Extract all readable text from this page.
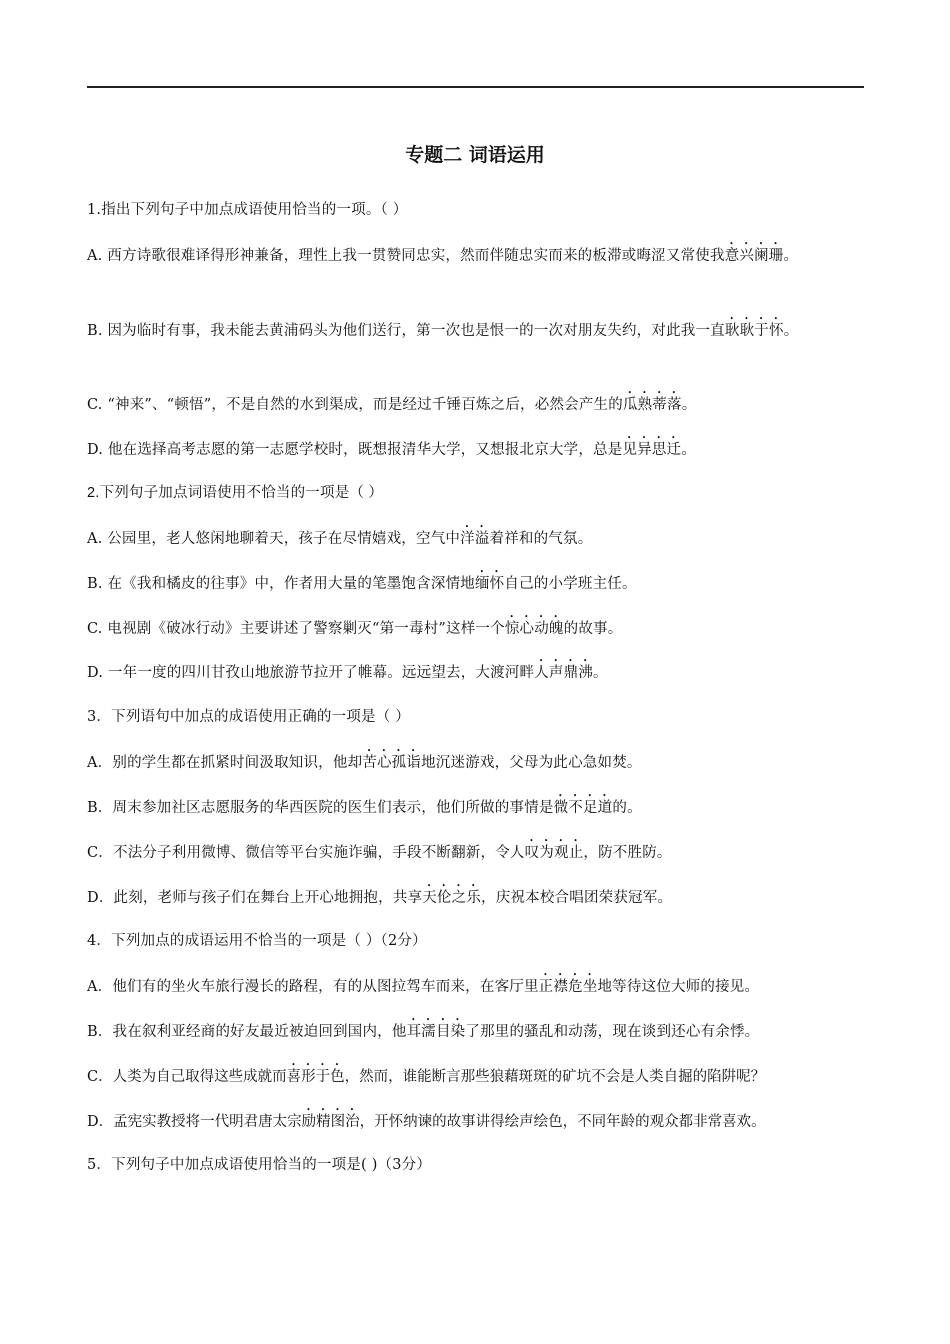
专题二 词语运用
1.指出下列句子中加点成语使用恰当的一项。（ ）
A. 西方诗歌很难译得形神兼备，理性上我一贯赞同忠实，然而伴随忠实而来的板滞或晦涩又常使我意兴阑珊。
B. 因为临时有事，我未能去黄浦码头为他们送行，第一次也是恨一的一次对朋友失约，对此我一直耿耿于怀。
C. “神来”、“顿悟”，不是自然的水到渠成，而是经过千锤百炼之后，必然会产生的瓜熟蒂落。
D. 他在选择高考志愿的第一志愿学校时，既想报清华大学，又想报北京大学，总是见异思迁。
2.下列句子加点词语使用不恰当的一项是（ ）
A. 公园里，老人悠闲地聊着天，孩子在尽情嬉戏，空气中洋溢着祥和的气氛。
B. 在《我和橘皮的往事》中，作者用大量的笔墨饱含深情地缅怀自己的小学班主任。
C. 电视剧《破冰行动》主要讲述了警察剿灭“第一毒村”这样一个惊心动魄的故事。
D. 一年一度的四川甘孜山地旅游节拉开了帷幕。远远望去，大渡河畔人声鼎沸。
3．下列语句中加点的成语使用正确的一项是（ ）
A．别的学生都在抓紧时间汲取知识，他却苦心孤诣地沉迷游戏，父母为此心急如焚。
B．周末参加社区志愿服务的华西医院的医生们表示，他们所做的事情是微不足道的。
C．不法分子利用微博、微信等平台实施诈骗，手段不断翻新，令人叹为观止，防不胜防。
D．此刻，老师与孩子们在舞台上开心地拥抱，共享天伦之乐，庆祝本校合唱团荣获冠军。
4．下列加点的成语运用不恰当的一项是（ ）（2分）
A．他们有的坐火车旅行漫长的路程，有的从图拉驾车而来，在客厅里正襟危坐地等待这位大师的接见。
B．我在叙利亚经商的好友最近被迫回到国内，他耳濡目染了那里的骚乱和动荡，现在谈到还心有余悸。
C．人类为自己取得这些成就而喜形于色，然而，谁能断言那些狼藉斑斑的矿坑不会是人类自掘的陷阱呢？
D．孟宪实教授将一代明君唐太宗励精图治，开怀纳谏的故事讲得绘声绘色，不同年龄的观众都非常喜欢。
5．下列句子中加点成语使用恰当的一项是( )（3分）
